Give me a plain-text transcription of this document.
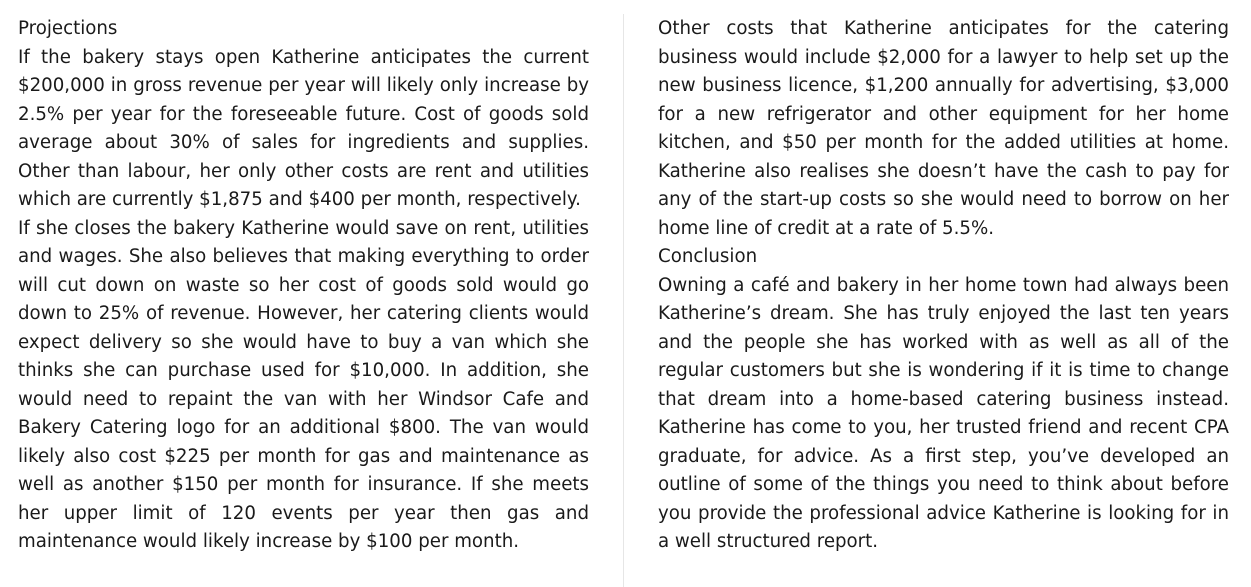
Projections

If the bakery stays open Katherine anticipates the current $200,000 in gross revenue per year will likely only increase by 2.5% per year for the foreseeable future. Cost of goods sold average about 30% of sales for ingredients and supplies. Other than labour, her only other costs are rent and utilities which are currently $1,875 and $400 per month, respectively.

If she closes the bakery Katherine would save on rent, utilities and wages. She also believes that making everything to order will cut down on waste so her cost of goods sold would go down to 25% of revenue. However, her catering clients would expect delivery so she would have to buy a van which she thinks she can purchase used for $10,000. In addition, she would need to repaint the van with her Windsor Cafe and Bakery Catering logo for an additional $800. The van would likely also cost $225 per month for gas and maintenance as well as another $150 per month for insurance. If she meets her upper limit of 120 events per year then gas and maintenance would likely increase by $100 per month.

Other costs that Katherine anticipates for the catering business would include $2,000 for a lawyer to help set up the new business licence, $1,200 annually for advertising, $3,000 for a new refrigerator and other equipment for her home kitchen, and $50 per month for the added utilities at home. Katherine also realises she doesn’t have the cash to pay for any of the start-up costs so she would need to borrow on her home line of credit at a rate of 5.5%.

Conclusion

Owning a café and bakery in her home town had always been Katherine’s dream. She has truly enjoyed the last ten years and the people she has worked with as well as all of the regular customers but she is wondering if it is time to change that dream into a home-based catering business instead. Katherine has come to you, her trusted friend and recent CPA graduate, for advice. As a first step, you’ve developed an outline of some of the things you need to think about before you provide the professional advice Katherine is looking for in a well structured report.
